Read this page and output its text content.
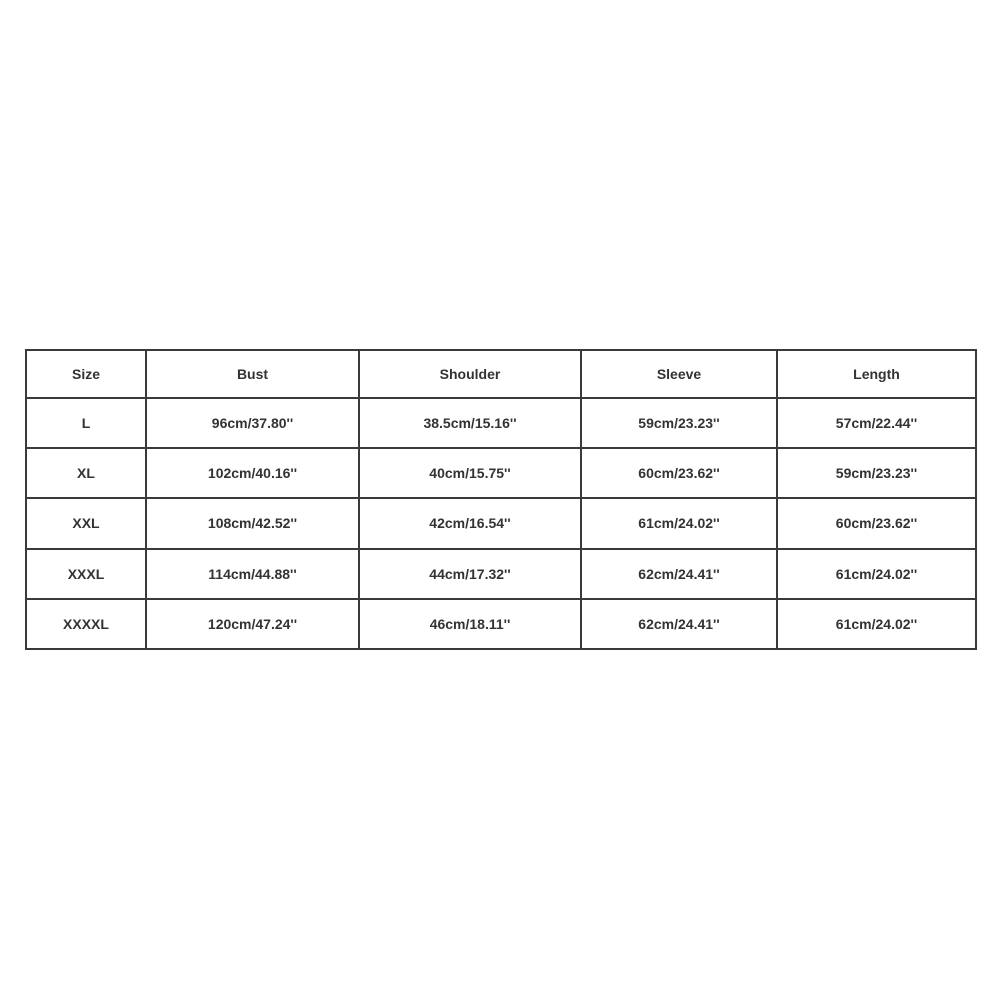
Size	Bust	Shoulder	Sleeve	Length
L	96cm/37.80''	38.5cm/15.16''	59cm/23.23''	57cm/22.44''
XL	102cm/40.16''	40cm/15.75''	60cm/23.62''	59cm/23.23''
XXL	108cm/42.52''	42cm/16.54''	61cm/24.02''	60cm/23.62''
XXXL	114cm/44.88''	44cm/17.32''	62cm/24.41''	61cm/24.02''
XXXXL	120cm/47.24''	46cm/18.11''	62cm/24.41''	61cm/24.02''
